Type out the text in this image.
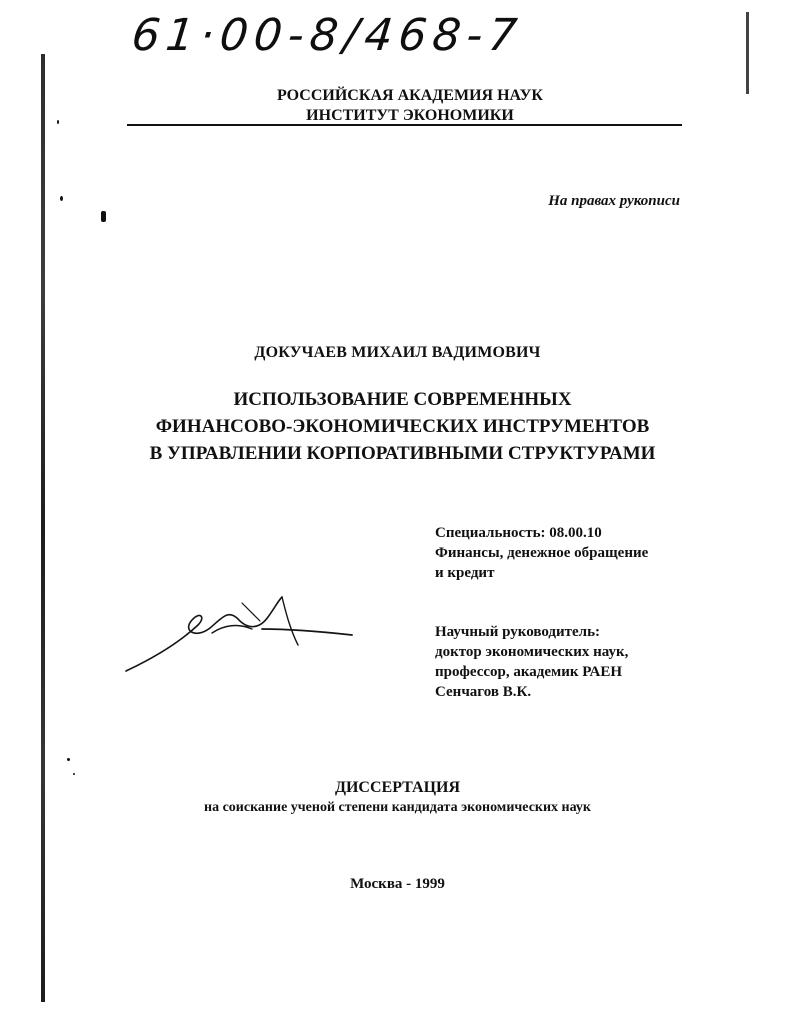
61·00-8/468-7
РОССИЙСКАЯ АКАДЕМИЯ НАУК
ИНСТИТУТ ЭКОНОМИКИ
На правах рукописи
ДОКУЧАЕВ МИХАИЛ ВАДИМОВИЧ
ИСПОЛЬЗОВАНИЕ СОВРЕМЕННЫХ
ФИНАНСОВО-ЭКОНОМИЧЕСКИХ ИНСТРУМЕНТОВ
В УПРАВЛЕНИИ КОРПОРАТИВНЫМИ СТРУКТУРАМИ
Специальность: 08.00.10
Финансы, денежное обращение
и кредит
Научный руководитель:
доктор экономических наук,
профессор, академик РАЕН
Сенчагов В.К.
ДИССЕРТАЦИЯ
на соискание ученой степени кандидата экономических наук
Москва - 1999
